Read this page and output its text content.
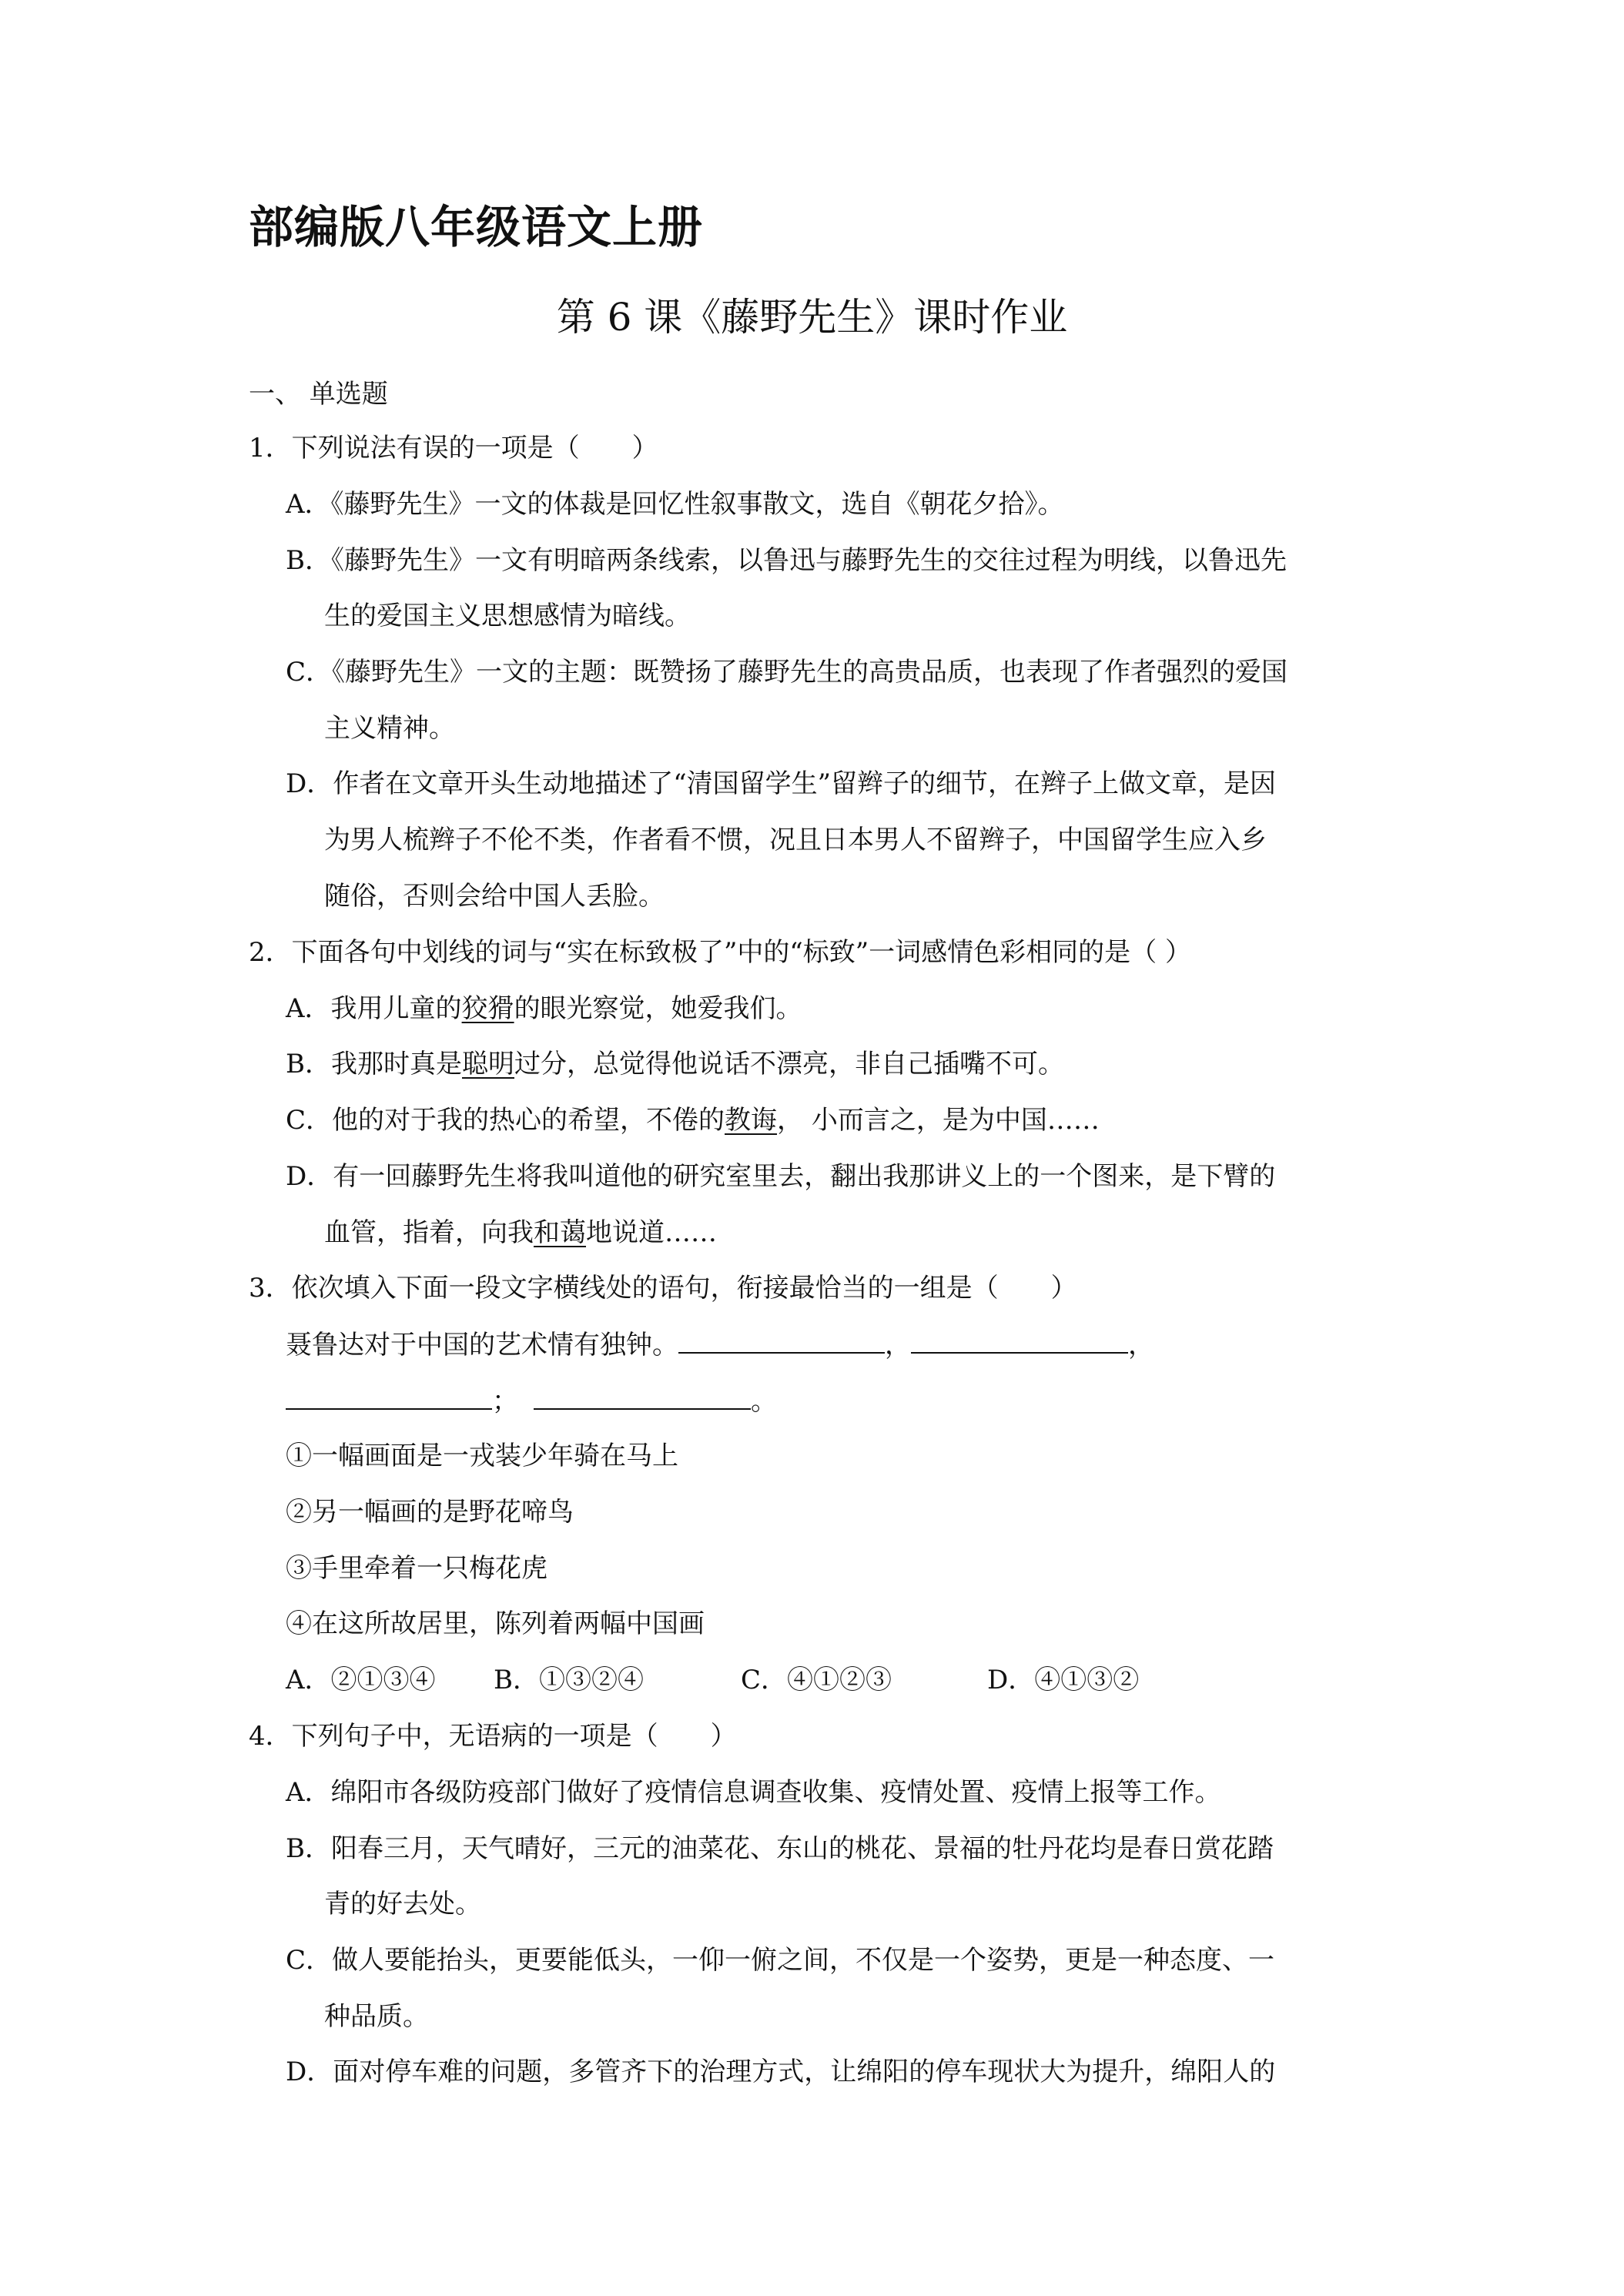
部编版八年级语文上册
第 6 课《藤野先生》课时作业
一、 单选题
1．下列说法有误的一项是（　　）
A．《藤野先生》一文的体裁是回忆性叙事散文，选自《朝花夕拾》。
B．《藤野先生》一文有明暗两条线索，以鲁迅与藤野先生的交往过程为明线，以鲁迅先
生的爱国主义思想感情为暗线。
C．《藤野先生》一文的主题：既赞扬了藤野先生的高贵品质，也表现了作者强烈的爱国
主义精神。
D．作者在文章开头生动地描述了“清国留学生”留辫子的细节，在辫子上做文章，是因
为男人梳辫子不伦不类，作者看不惯，况且日本男人不留辫子，中国留学生应入乡
随俗，否则会给中国人丢脸。
2．下面各句中划线的词与“实在标致极了”中的“标致”一词感情色彩相同的是（ ）
A．我用儿童的狡猾的眼光察觉，她爱我们。
B．我那时真是聪明过分，总觉得他说话不漂亮，非自己插嘴不可。
C．他的对于我的热心的希望，不倦的教诲， 小而言之，是为中国……
D．有一回藤野先生将我叫道他的研究室里去，翻出我那讲义上的一个图来，是下臂的
血管，指着，向我和蔼地说道……
3．依次填入下面一段文字横线处的语句，衔接最恰当的一组是（　　）
聂鲁达对于中国的艺术情有独钟。	，	，
；	。
①一幅画面是一戎装少年骑在马上
②另一幅画的是野花啼鸟
③手里牵着一只梅花虎
④在这所故居里，陈列着两幅中国画
A．②①③④ B．①③②④	C．④①②③	D．④①③②
4．下列句子中，无语病的一项是（　　）
A．绵阳市各级防疫部门做好了疫情信息调查收集、疫情处置、疫情上报等工作。
B．阳春三月，天气晴好，三元的油菜花、东山的桃花、景福的牡丹花均是春日赏花踏
青的好去处。
C．做人要能抬头，更要能低头，一仰一俯之间，不仅是一个姿势，更是一种态度、一
种品质。
D．面对停车难的问题，多管齐下的治理方式，让绵阳的停车现状大为提升，绵阳人的
